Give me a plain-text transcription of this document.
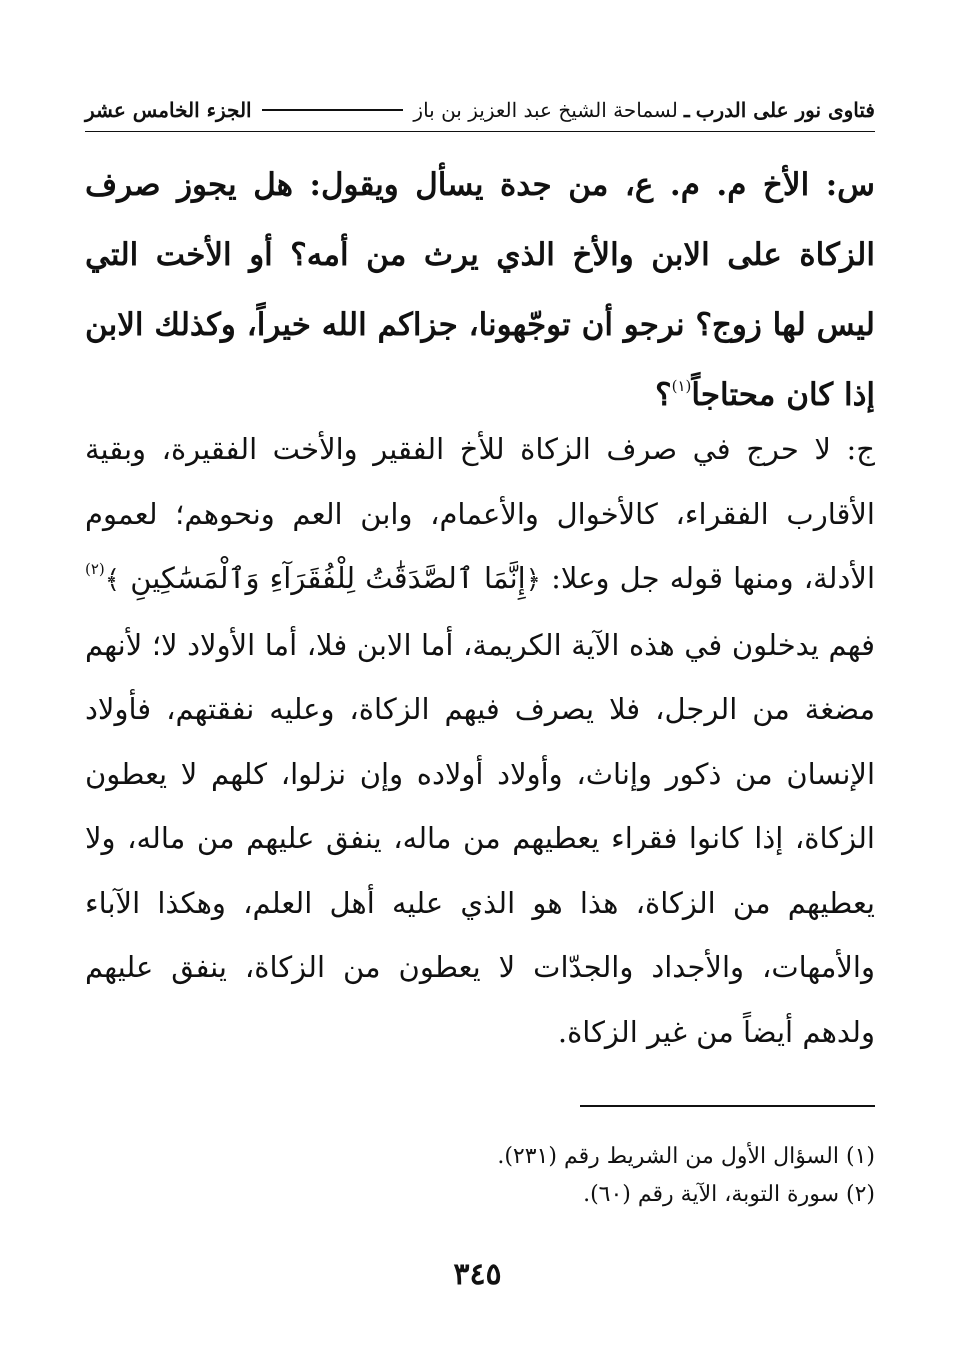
فتاوى نور على الدرب
ـ
لسماحة الشيخ عبد العزيز بن باز
الجزء الخامس عشر
س: الأخ م. م. ع، من جدة يسأل ويقول: هل يجوز صرف الزكاة على الابن والأخ الذي يرث من أمه؟ أو الأخت التي ليس لها زوج؟ نرجو أن توجّهونا، جزاكم الله خيراً، وكذلك الابن إذا كان محتاجاً$^{(١)}$؟
ج: لا حرج في صرف الزكاة للأخ الفقير والأخت الفقيرة، وبقية الأقارب الفقراء، كالأخوال والأعمام، وابن العم ونحوهم؛ لعموم الأدلة، ومنها قوله جل وعلا: ﴿إِنَّمَا ٱلصَّدَقَٰتُ لِلْفُقَرَآءِ وَٱلْمَسَٰكِينِ ﴾$^{(٢)}$ فهم يدخلون في هذه الآية الكريمة، أما الابن فلا، أما الأولاد لا؛ لأنهم مضغة من الرجل، فلا يصرف فيهم الزكاة، وعليه نفقتهم، فأولاد الإنسان من ذكور وإناث، وأولاد أولاده وإن نزلوا، كلهم لا يعطون الزكاة، إذا كانوا فقراء يعطيهم من ماله، ينفق عليهم من ماله، ولا يعطيهم من الزكاة، هذا هو الذي عليه أهل العلم، وهكذا الآباء والأمهات، والأجداد والجدّات لا يعطون من الزكاة، ينفق عليهم ولدهم أيضاً من غير الزكاة.
(١) السؤال الأول من الشريط رقم (٢٣١).
(٢) سورة التوبة، الآية رقم (٦٠).
٣٤٥
